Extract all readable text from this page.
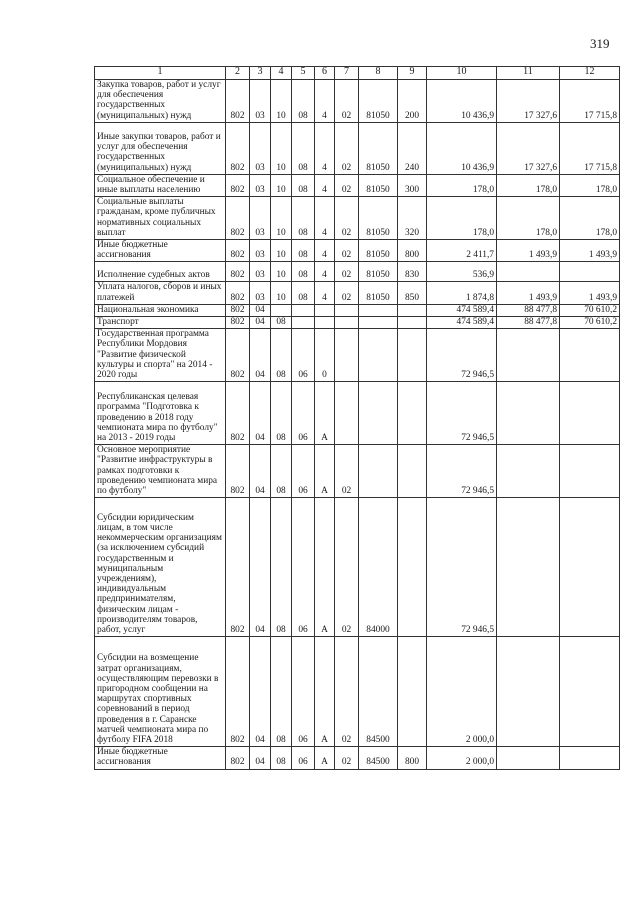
319
1	2	3	4	5	6	7	8	9	10	11	12
Закупка товаров, работ и услуг для обеспечения государственных (муниципальных) нужд	802	03	10	08	4	02	81050	200	10 436,9	17 327,6	17 715,8
Иные закупки товаров, работ и услуг для обеспечения государственных (муниципальных) нужд	802	03	10	08	4	02	81050	240	10 436,9	17 327,6	17 715,8
Социальное обеспечение и иные выплаты населению	802	03	10	08	4	02	81050	300	178,0	178,0	178,0
Социальные выплаты гражданам, кроме публичных нормативных социальных выплат	802	03	10	08	4	02	81050	320	178,0	178,0	178,0
Иные бюджетные ассигнования	802	03	10	08	4	02	81050	800	2 411,7	1 493,9	1 493,9
Исполнение судебных актов	802	03	10	08	4	02	81050	830	536,9		
Уплата налогов, сборов и иных платежей	802	03	10	08	4	02	81050	850	1 874,8	1 493,9	1 493,9
Национальная экономика	802	04							474 589,4	88 477,8	70 610,2
Транспорт	802	04	08						474 589,4	88 477,8	70 610,2
Государственная программа Республики Мордовия "Развитие физической культуры и спорта" на 2014 - 2020 годы	802	04	08	06	0				72 946,5		
Республиканская целевая программа "Подготовка к проведению в 2018 году чемпионата мира по футболу" на 2013 - 2019 годы	802	04	08	06	А				72 946,5		
Основное мероприятие "Развитие инфраструктуры в рамках подготовки к проведению чемпионата мира по футболу"	802	04	08	06	А	02			72 946,5		
Субсидии юридическим лицам, в том числе некоммерческим организациям (за исключением субсидий государственным и муниципальным учреждениям), индивидуальным предпринимателям, физическим лицам - производителям товаров, работ, услуг	802	04	08	06	А	02	84000		72 946,5		
Субсидии на возмещение затрат организациям, осуществляющим перевозки в пригородном сообщении на маршрутах спортивных соревнований в период проведения в г. Саранске матчей чемпионата мира по футболу FIFA 2018	802	04	08	06	А	02	84500		2 000,0		
Иные бюджетные ассигнования	802	04	08	06	А	02	84500	800	2 000,0		
